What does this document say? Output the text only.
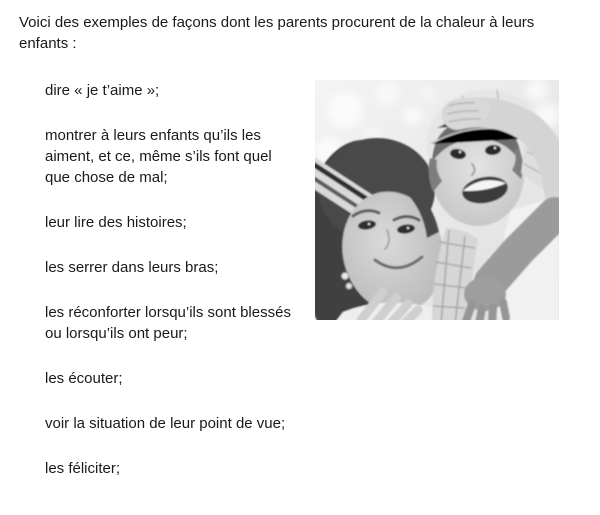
Voici des exemples de façons dont les parents procurent de la chaleur à leurs enfants :

dire « je t’aime »;

montrer à leurs enfants qu’ils les aiment, et ce, même s’ils font quel que chose de mal;

leur lire des histoires;

les serrer dans leurs bras;

les réconforter lorsqu’ils sont blessés ou lorsqu’ils ont peur;

les écouter;

voir la situation de leur point de vue;

les féliciter;
